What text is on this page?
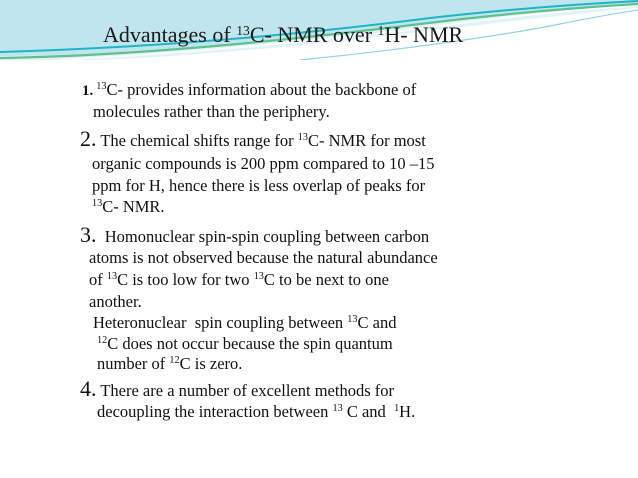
Advantages of $^{13}$C- NMR over $^1$H- NMR
1. $^{13}$C- provides information about the backbone of
molecules rather than the periphery.
2. The chemical shifts range for $^{13}$C- NMR for most
organic compounds is 200 ppm compared to 10 –15
ppm for H, hence there is less overlap of peaks for
$^{13}$C- NMR.
3.  Homonuclear spin-spin coupling between carbon
atoms is not observed because the natural abundance
of $^{13}$C is too low for two $^{13}$C to be next to one
another.
Heteronuclear  spin coupling between $^{13}$C and
$^{12}$C does not occur because the spin quantum
number of $^{12}$C is zero.
4. There are a number of excellent methods for
decoupling the interaction between $^{13}$ C and  $^1$H.
